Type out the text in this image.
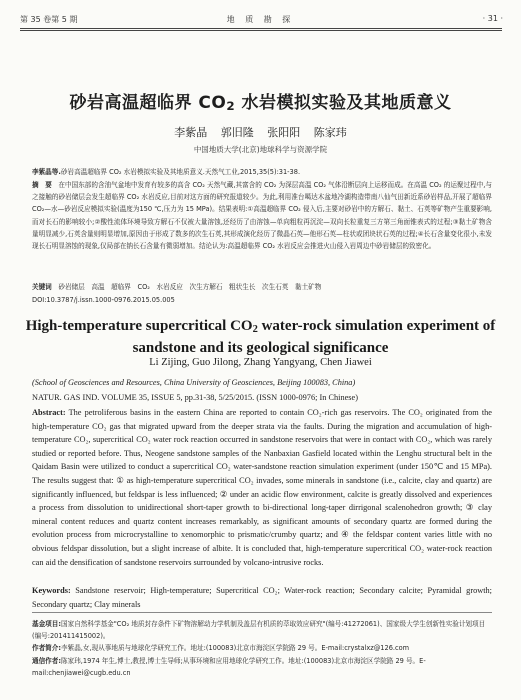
第 35 卷第 5 期	地 质 勘 探	· 31 ·
砂岩高温超临界 $CO_2$ 水岩模拟实验及其地质意义
李紫晶 郭旧隆 张阳阳 陈家玮
中国地质大学(北京)地球科学与资源学院
李紫晶等.砂岩高温超临界 CO₂ 水岩模拟实验及其地质意义.天然气工业,2015,35(5):31-38.
摘　要　 在中国东部的含油气盆地中发育有较多的高含 CO₂ 天然气藏,其富含的 CO₂ 为深层高温 CO₂ 气体沿断层向上运移而成。在高温 CO₂ 的运聚过程中,与之接触的砂岩储层会发生超临界 CO₂ 水岩反应,目前对这方面的研究报道较少。为此,利用准台噶达木盆地冷湖构造带南八仙气田新近系砂岩样品,开展了超临界 CO₂—水—砂岩反应模拟实验(温度为150 ℃,压力为 15 MPa)。结果表明:①高温超临界 CO₂ 侵入后,主要对砂岩中的方解石、黏土、石英等矿物产生重要影响,而对长石的影响较小;②酸性流体环境导致方解石不仅被大量溶蚀,还经历了由溶蚀—单向粗粒再沉淀—双向长粒重复三方第三角面锥表式的过程;③黏土矿物含量明显减少,石英含量则明显增加,原因由于形成了数多的次生石英,其形成演化经历了微晶石英—他形石英—柱状或团块状石英的过程;④长石含量变化很小,未发现长石明显溶蚀的现象,仅局部在钠长石含量有微弱增加。结论认为:高温超临界 CO₂ 水岩反应会推进火山侵入岩周边中砂岩储层的致密化。
关键词　 砂岩储层　高温　超临界　CO₂　水岩反应　次生方解石　粗状生长　次生石英　黏土矿物
DOI:10.3787/j.issn.1000-0976.2015.05.005
High-temperature supercritical $CO_2$ water-rock simulation experiment of
sandstone and its geological significance
Li Zijing, Guo Jilong, Zhang Yangyang, Chen Jiawei
(School of Geosciences and Resources, China University of Geosciences, Beijing 100083, China)
NATUR. GAS IND. VOLUME 35, ISSUE 5, pp.31-38, 5/25/2015. (ISSN 1000-0976; In Chinese)
Abstract: The petroliferous basins in the eastern China are reported to contain CO₂-rich gas reservoirs. The CO₂ originated from the high-temperature CO₂ gas that migrated upward from the deeper strata via the faults. During the migration and accumulation of high-temperature CO₂, supercritical CO₂ water rock reaction occurred in sandstone reservoirs that were in contact with CO₂, which was rarely studied or reported before. Thus, Neogene sandstone samples of the Nanbaxian Gasfield located within the Lenghu structural belt in the Qaidam Basin were utilized to conduct a supercritical CO₂ water-sandstone reaction simulation experiment (under 150℃ and 15 MPa). The results suggest that: ① as high-temperature supercritical CO₂ invades, some minerals in sandstone (i.e., calcite, clay and quartz) are significantly influenced, but feldspar is less influenced; ② under an acidic flow environment, calcite is greatly dissolved and experiences a process from dissolution to unidirectional short-taper growth to bi-directional long-taper dirrigonal scalenohedron growth; ③ clay mineral content reduces and quartz content increases remarkably, as significant amounts of secondary quartz are formed during the evolution process from microcrystalline to xenomorphic to prismatic/crumby quartz; and ④ the feldspar content varies little with no obvious feldspar dissolution, but a slight increase of albite. It is concluded that, high-temperature supercritical CO₂ water-rock reaction can aid the densification of sandstone reservoirs surrounded by volcano-intrusive rocks.
Keywords: Sandstone reservoir; High-temperature; Supercritical CO₂; Water-rock reaction; Secondary calcite; Pyramidal growth; Secondary quartz; Clay minerals
基金项目:国家自然科学基金"CO₂ 地质封存条件下矿物溶解动力学机制及盖层有机质的萃取效应研究"(编号:41272061)、国家级大学生创新性实验计划项目(编号:201411415002)。
作者简介:李紫晶,女,现从事地质与地球化学研究工作。地址:(100083)北京市海淀区学院路 29 号。E-mail:crystalxz@126.com
通信作者:陈家玮,1974 年生,博士,教授,博士生导师;从事环境和应用地球化学研究工作。地址:(100083)北京市海淀区学院路 29 号。E-mail:chenjiawei@cugb.edu.cn
